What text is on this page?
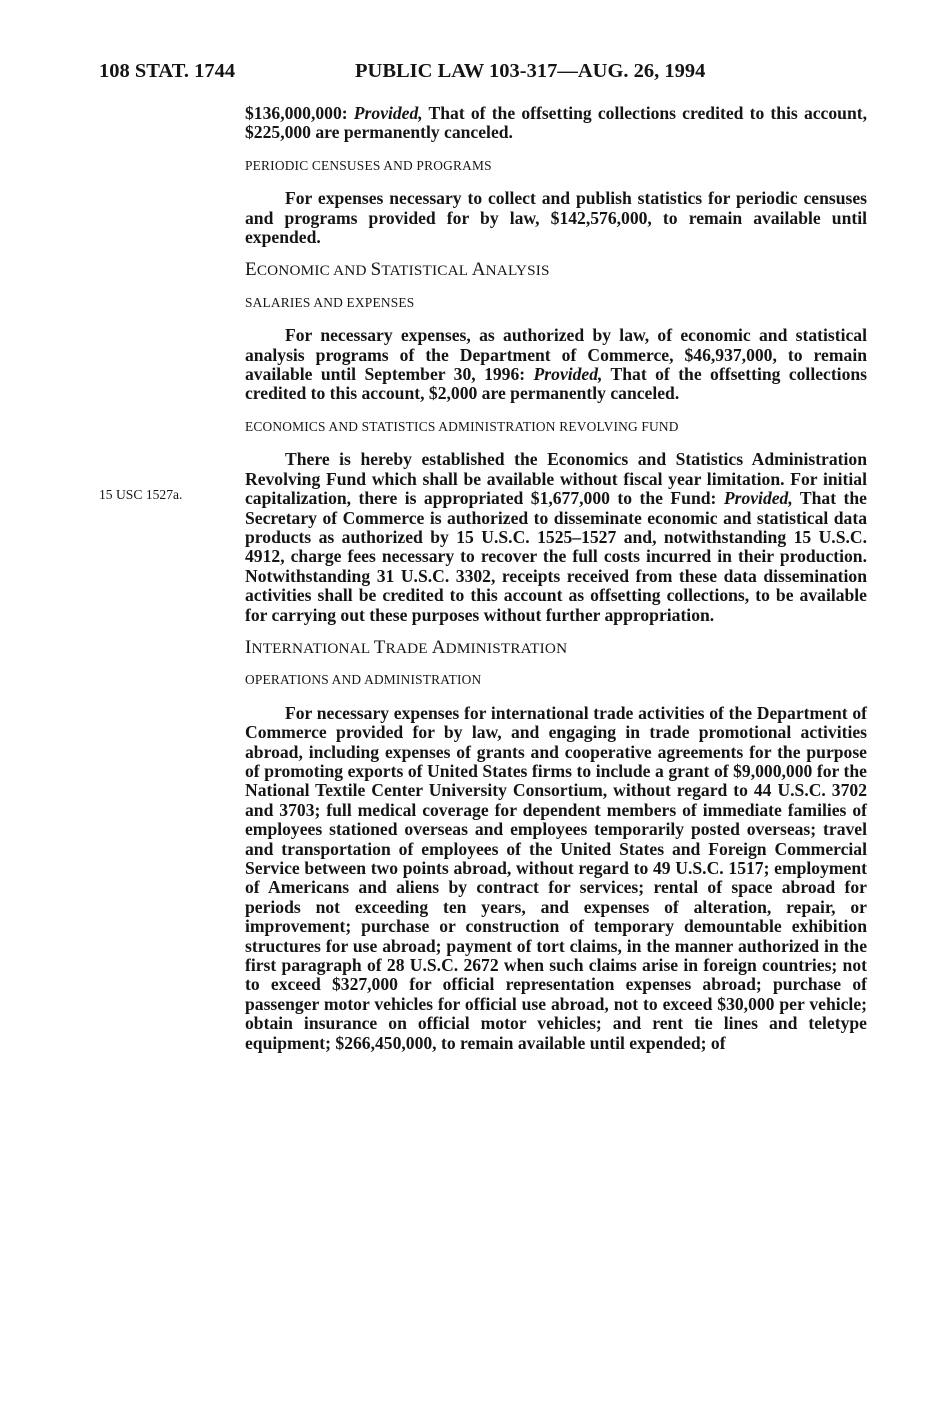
108 STAT. 1744	PUBLIC LAW 103-317—AUG. 26, 1994
15 USC 1527a.

$136,000,000: Provided, That of the offsetting collections credited to this account, $225,000 are permanently canceled.

PERIODIC CENSUSES AND PROGRAMS

For expenses necessary to collect and publish statistics for periodic censuses and programs provided for by law, $142,576,000, to remain available until expended.

ECONOMIC AND STATISTICAL ANALYSIS

SALARIES AND EXPENSES

For necessary expenses, as authorized by law, of economic and statistical analysis programs of the Department of Commerce, $46,937,000, to remain available until September 30, 1996: Provided, That of the offsetting collections credited to this account, $2,000 are permanently canceled.

ECONOMICS AND STATISTICS ADMINISTRATION REVOLVING FUND

There is hereby established the Economics and Statistics Administration Revolving Fund which shall be available without fiscal year limitation. For initial capitalization, there is appropriated $1,677,000 to the Fund: Provided, That the Secretary of Commerce is authorized to disseminate economic and statistical data products as authorized by 15 U.S.C. 1525–1527 and, notwithstanding 15 U.S.C. 4912, charge fees necessary to recover the full costs incurred in their production. Notwithstanding 31 U.S.C. 3302, receipts received from these data dissemination activities shall be credited to this account as offsetting collections, to be available for carrying out these purposes without further appropriation.

INTERNATIONAL TRADE ADMINISTRATION

OPERATIONS AND ADMINISTRATION

For necessary expenses for international trade activities of the Department of Commerce provided for by law, and engaging in trade promotional activities abroad, including expenses of grants and cooperative agreements for the purpose of promoting exports of United States firms to include a grant of $9,000,000 for the National Textile Center University Consortium, without regard to 44 U.S.C. 3702 and 3703; full medical coverage for dependent members of immediate families of employees stationed overseas and employees temporarily posted overseas; travel and transportation of employees of the United States and Foreign Commercial Service between two points abroad, without regard to 49 U.S.C. 1517; employment of Americans and aliens by contract for services; rental of space abroad for periods not exceeding ten years, and expenses of alteration, repair, or improvement; purchase or construction of temporary demountable exhibition structures for use abroad; payment of tort claims, in the manner authorized in the first paragraph of 28 U.S.C. 2672 when such claims arise in foreign countries; not to exceed $327,000 for official representation expenses abroad; purchase of passenger motor vehicles for official use abroad, not to exceed $30,000 per vehicle; obtain insurance on official motor vehicles; and rent tie lines and teletype equipment; $266,450,000, to remain available until expended; of
